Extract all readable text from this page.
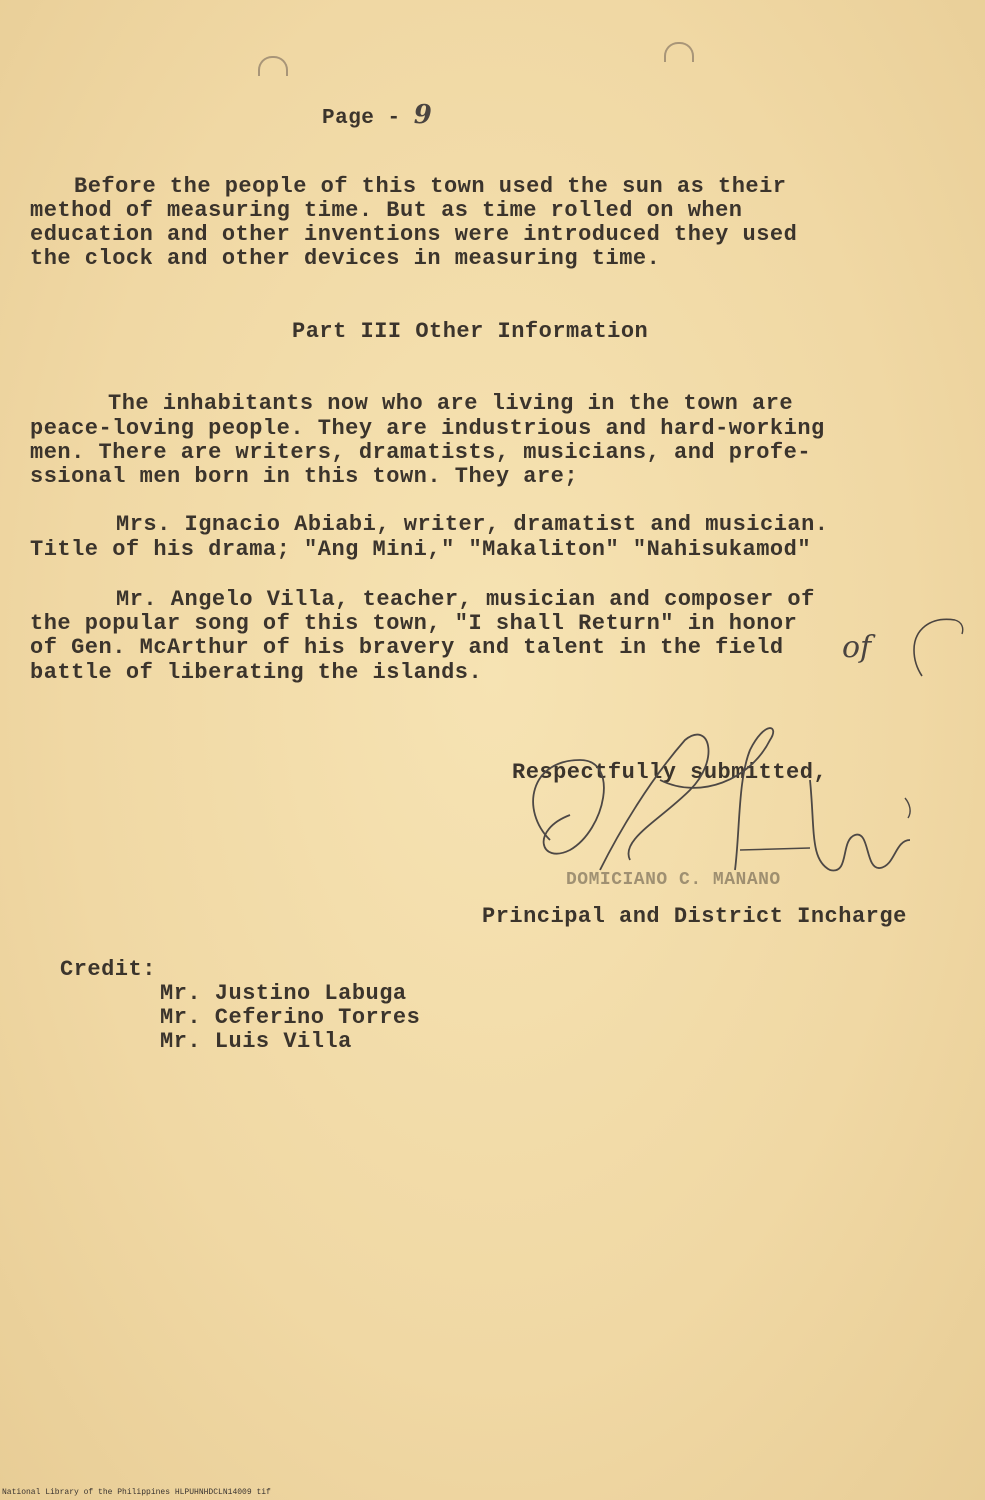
Page - 9
Before the people of this town used the sun as their
method of measuring time. But as time rolled on when
education and other inventions were introduced they used
the clock and other devices in measuring time.
Part III Other Information
The inhabitants now who are living in the town are
peace-loving people. They are industrious and hard-working
men. There are writers, dramatists, musicians, and profe-
ssional men born in this town. They are;
Mrs. Ignacio Abiabi, writer, dramatist and musician.
Title of his drama; "Ang Mini," "Makaliton" "Nahisukamod"
Mr. Angelo Villa, teacher, musician and composer of
the popular song of this town, "I shall Return" in honor
of Gen. McArthur of his bravery and talent in the field
battle of liberating the islands.
of
Respectfully submitted,
DOMICIANO C. MANANO
Principal and District Incharge
Credit:
Mr. Justino Labuga
Mr. Ceferino Torres
Mr. Luis Villa
National Library of the Philippines HLPUHNHDCLN14009 tif
